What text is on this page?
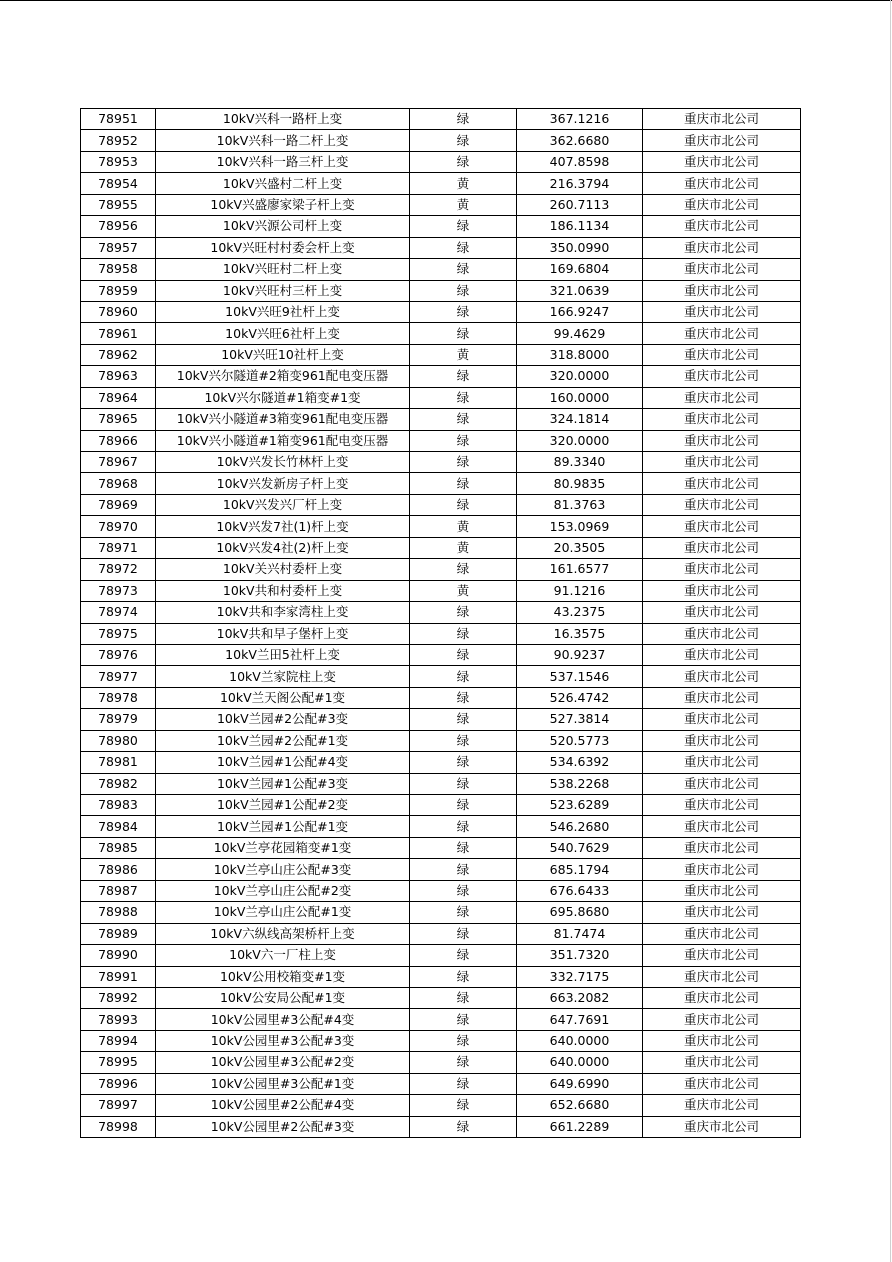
78951	10kV兴科一路杆上变	绿	367.1216	重庆市北公司
78952	10kV兴科一路二杆上变	绿	362.6680	重庆市北公司
78953	10kV兴科一路三杆上变	绿	407.8598	重庆市北公司
78954	10kV兴盛村二杆上变	黄	216.3794	重庆市北公司
78955	10kV兴盛廖家梁子杆上变	黄	260.7113	重庆市北公司
78956	10kV兴源公司杆上变	绿	186.1134	重庆市北公司
78957	10kV兴旺村村委会杆上变	绿	350.0990	重庆市北公司
78958	10kV兴旺村二杆上变	绿	169.6804	重庆市北公司
78959	10kV兴旺村三杆上变	绿	321.0639	重庆市北公司
78960	10kV兴旺9社杆上变	绿	166.9247	重庆市北公司
78961	10kV兴旺6社杆上变	绿	99.4629	重庆市北公司
78962	10kV兴旺10社杆上变	黄	318.8000	重庆市北公司
78963	10kV兴尔隧道#2箱变961配电变压器	绿	320.0000	重庆市北公司
78964	10kV兴尔隧道#1箱变#1变	绿	160.0000	重庆市北公司
78965	10kV兴小隧道#3箱变961配电变压器	绿	324.1814	重庆市北公司
78966	10kV兴小隧道#1箱变961配电变压器	绿	320.0000	重庆市北公司
78967	10kV兴发长竹林杆上变	绿	89.3340	重庆市北公司
78968	10kV兴发新房子杆上变	绿	80.9835	重庆市北公司
78969	10kV兴发兴厂杆上变	绿	81.3763	重庆市北公司
78970	10kV兴发7社(1)杆上变	黄	153.0969	重庆市北公司
78971	10kV兴发4社(2)杆上变	黄	20.3505	重庆市北公司
78972	10kV关兴村委杆上变	绿	161.6577	重庆市北公司
78973	10kV共和村委杆上变	黄	91.1216	重庆市北公司
78974	10kV共和李家湾柱上变	绿	43.2375	重庆市北公司
78975	10kV共和早子堡杆上变	绿	16.3575	重庆市北公司
78976	10kV兰田5社杆上变	绿	90.9237	重庆市北公司
78977	10kV兰家院柱上变	绿	537.1546	重庆市北公司
78978	10kV兰天阁公配#1变	绿	526.4742	重庆市北公司
78979	10kV兰园#2公配#3变	绿	527.3814	重庆市北公司
78980	10kV兰园#2公配#1变	绿	520.5773	重庆市北公司
78981	10kV兰园#1公配#4变	绿	534.6392	重庆市北公司
78982	10kV兰园#1公配#3变	绿	538.2268	重庆市北公司
78983	10kV兰园#1公配#2变	绿	523.6289	重庆市北公司
78984	10kV兰园#1公配#1变	绿	546.2680	重庆市北公司
78985	10kV兰亭花园箱变#1变	绿	540.7629	重庆市北公司
78986	10kV兰亭山庄公配#3变	绿	685.1794	重庆市北公司
78987	10kV兰亭山庄公配#2变	绿	676.6433	重庆市北公司
78988	10kV兰亭山庄公配#1变	绿	695.8680	重庆市北公司
78989	10kV六纵线高架桥杆上变	绿	81.7474	重庆市北公司
78990	10kV六一厂柱上变	绿	351.7320	重庆市北公司
78991	10kV公用校箱变#1变	绿	332.7175	重庆市北公司
78992	10kV公安局公配#1变	绿	663.2082	重庆市北公司
78993	10kV公园里#3公配#4变	绿	647.7691	重庆市北公司
78994	10kV公园里#3公配#3变	绿	640.0000	重庆市北公司
78995	10kV公园里#3公配#2变	绿	640.0000	重庆市北公司
78996	10kV公园里#3公配#1变	绿	649.6990	重庆市北公司
78997	10kV公园里#2公配#4变	绿	652.6680	重庆市北公司
78998	10kV公园里#2公配#3变	绿	661.2289	重庆市北公司
